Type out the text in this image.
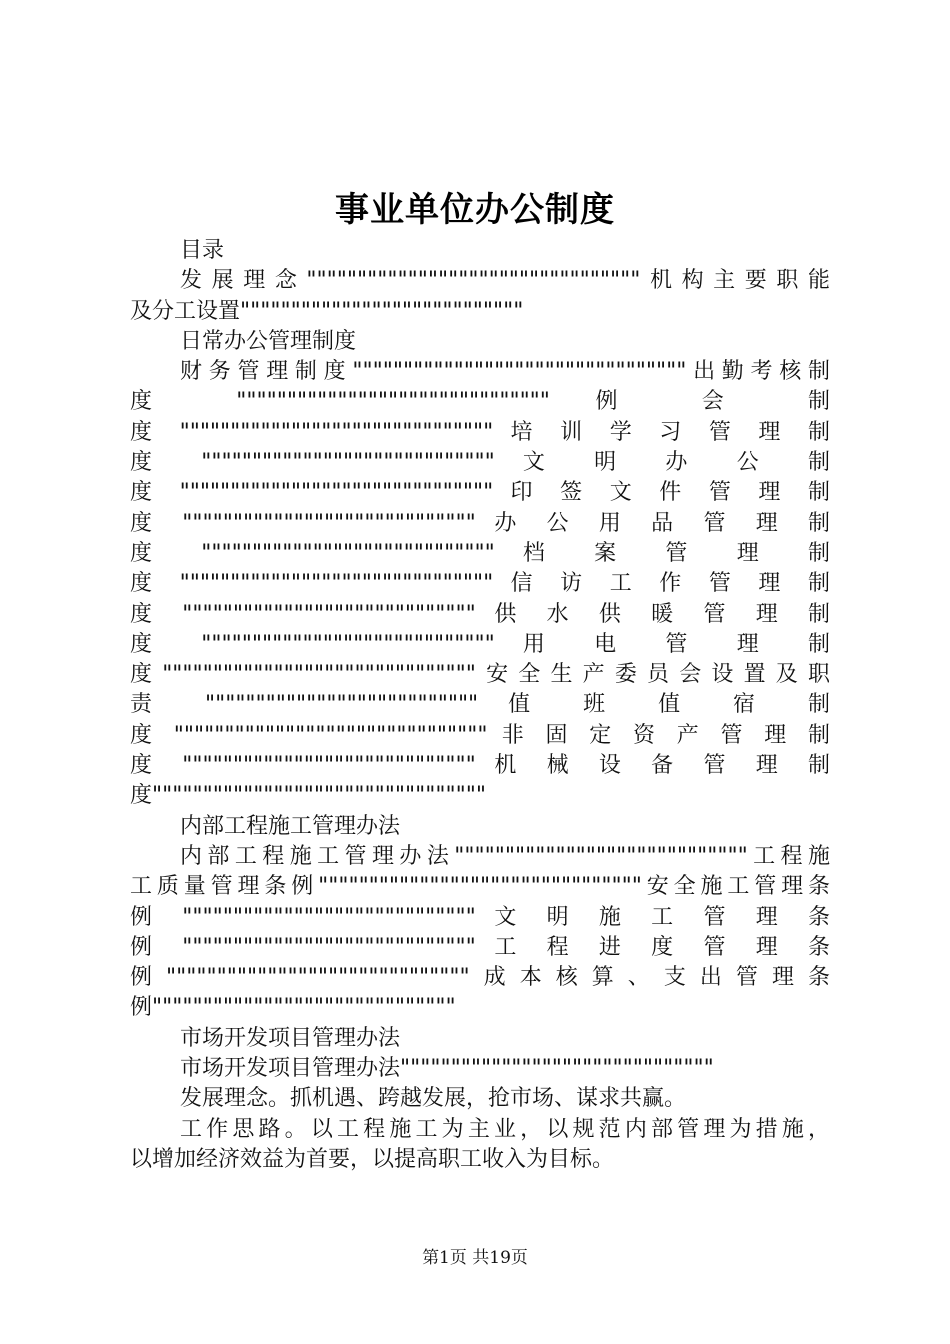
事业单位办公制度
目录
发展理念"""""""""""""""""""""""""""""""""机构主要职能
及分工设置""""""""""""""""""""""""""""
日常办公管理制度
财务管理制度"""""""""""""""""""""""""""""""""出勤考核制
度 """"""""""""""""""""""""""""""" 例 会 制
度 """"""""""""""""""""""""""""""" 培 训 学 习 管 理 制
度 """"""""""""""""""""""""""""" 文 明 办 公 制
度 """"""""""""""""""""""""""""""" 印 签 文 件 管 理 制
度 """"""""""""""""""""""""""""" 办 公 用 品 管 理 制
度 """"""""""""""""""""""""""""" 档 案 管 理 制
度 """"""""""""""""""""""""""""""" 信 访 工 作 管 理 制
度 """"""""""""""""""""""""""""" 供 水 供 暖 管 理 制
度 """"""""""""""""""""""""""""" 用 电 管 理 制
度"""""""""""""""""""""""""""""""安全生产委员会设置及职
责 """"""""""""""""""""""""""" 值 班 值 宿 制
度 """"""""""""""""""""""""""""""" 非 固 定 资 产 管 理 制
度 """"""""""""""""""""""""""""" 机 械 设 备 管 理 制
度"""""""""""""""""""""""""""""""""
内部工程施工管理办法
内部工程施工管理办法"""""""""""""""""""""""""""""工程施
工质量管理条例""""""""""""""""""""""""""""""""安全施工管理条
例 """"""""""""""""""""""""""""" 文 明 施 工 管 理 条
例 """"""""""""""""""""""""""""" 工 程 进 度 管 理 条
例""""""""""""""""""""""""""""""成本核算、支出管理条
例""""""""""""""""""""""""""""""
市场开发项目管理办法
市场开发项目管理办法"""""""""""""""""""""""""""""""
发展理念。抓机遇、跨越发展，抢市场、谋求共赢。
工作思路。以工程施工为主业，以规范内部管理为措施，
以增加经济效益为首要，以提高职工收入为目标。
第1页 共19页
